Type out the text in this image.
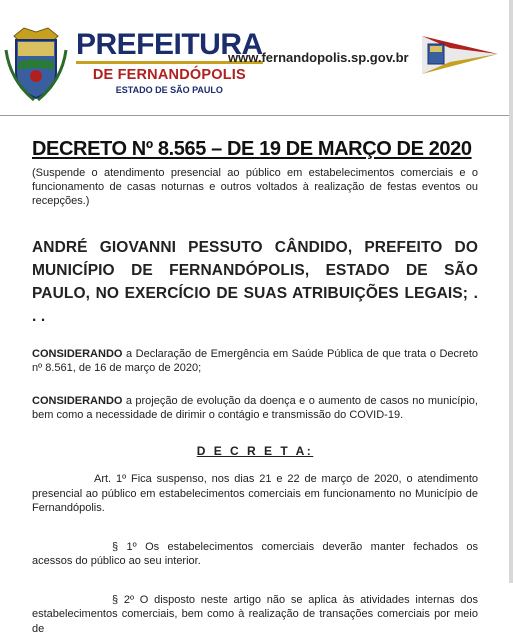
PREFEITURA
DE FERNANDÓPOLIS
ESTADO DE SÃO PAULO
www.fernandopolis.sp.gov.br
DECRETO Nº 8.565 – DE 19 DE MARÇO DE 2020
(Suspende o atendimento presencial ao público em estabelecimentos comerciais e o funcionamento de casas noturnas e outros voltados à realização de festas eventos ou recepções.)
ANDRÉ GIOVANNI PESSUTO CÂNDIDO, PREFEITO DO MUNICÍPIO DE FERNANDÓPOLIS, ESTADO DE SÃO PAULO, NO EXERCÍCIO DE SUAS ATRIBUIÇÕES LEGAIS; . . .
CONSIDERANDO a Declaração de Emergência em Saúde Pública de que trata o Decreto nº 8.561, de 16 de março de 2020;
CONSIDERANDO a projeção de evolução da doença e o aumento de casos no município, bem como a necessidade de dirimir o contágio e transmissão do COVID-19.
D E C R E T A:
Art. 1º Fica suspenso, nos dias 21 e 22 de março de 2020, o atendimento presencial ao público em estabelecimentos comerciais em funcionamento no Município de Fernandópolis.
§ 1º Os estabelecimentos comerciais deverão manter fechados os acessos do público ao seu interior.
§ 2º O disposto neste artigo não se aplica às atividades internas dos estabelecimentos comerciais, bem como à realização de transações comerciais por meio de
